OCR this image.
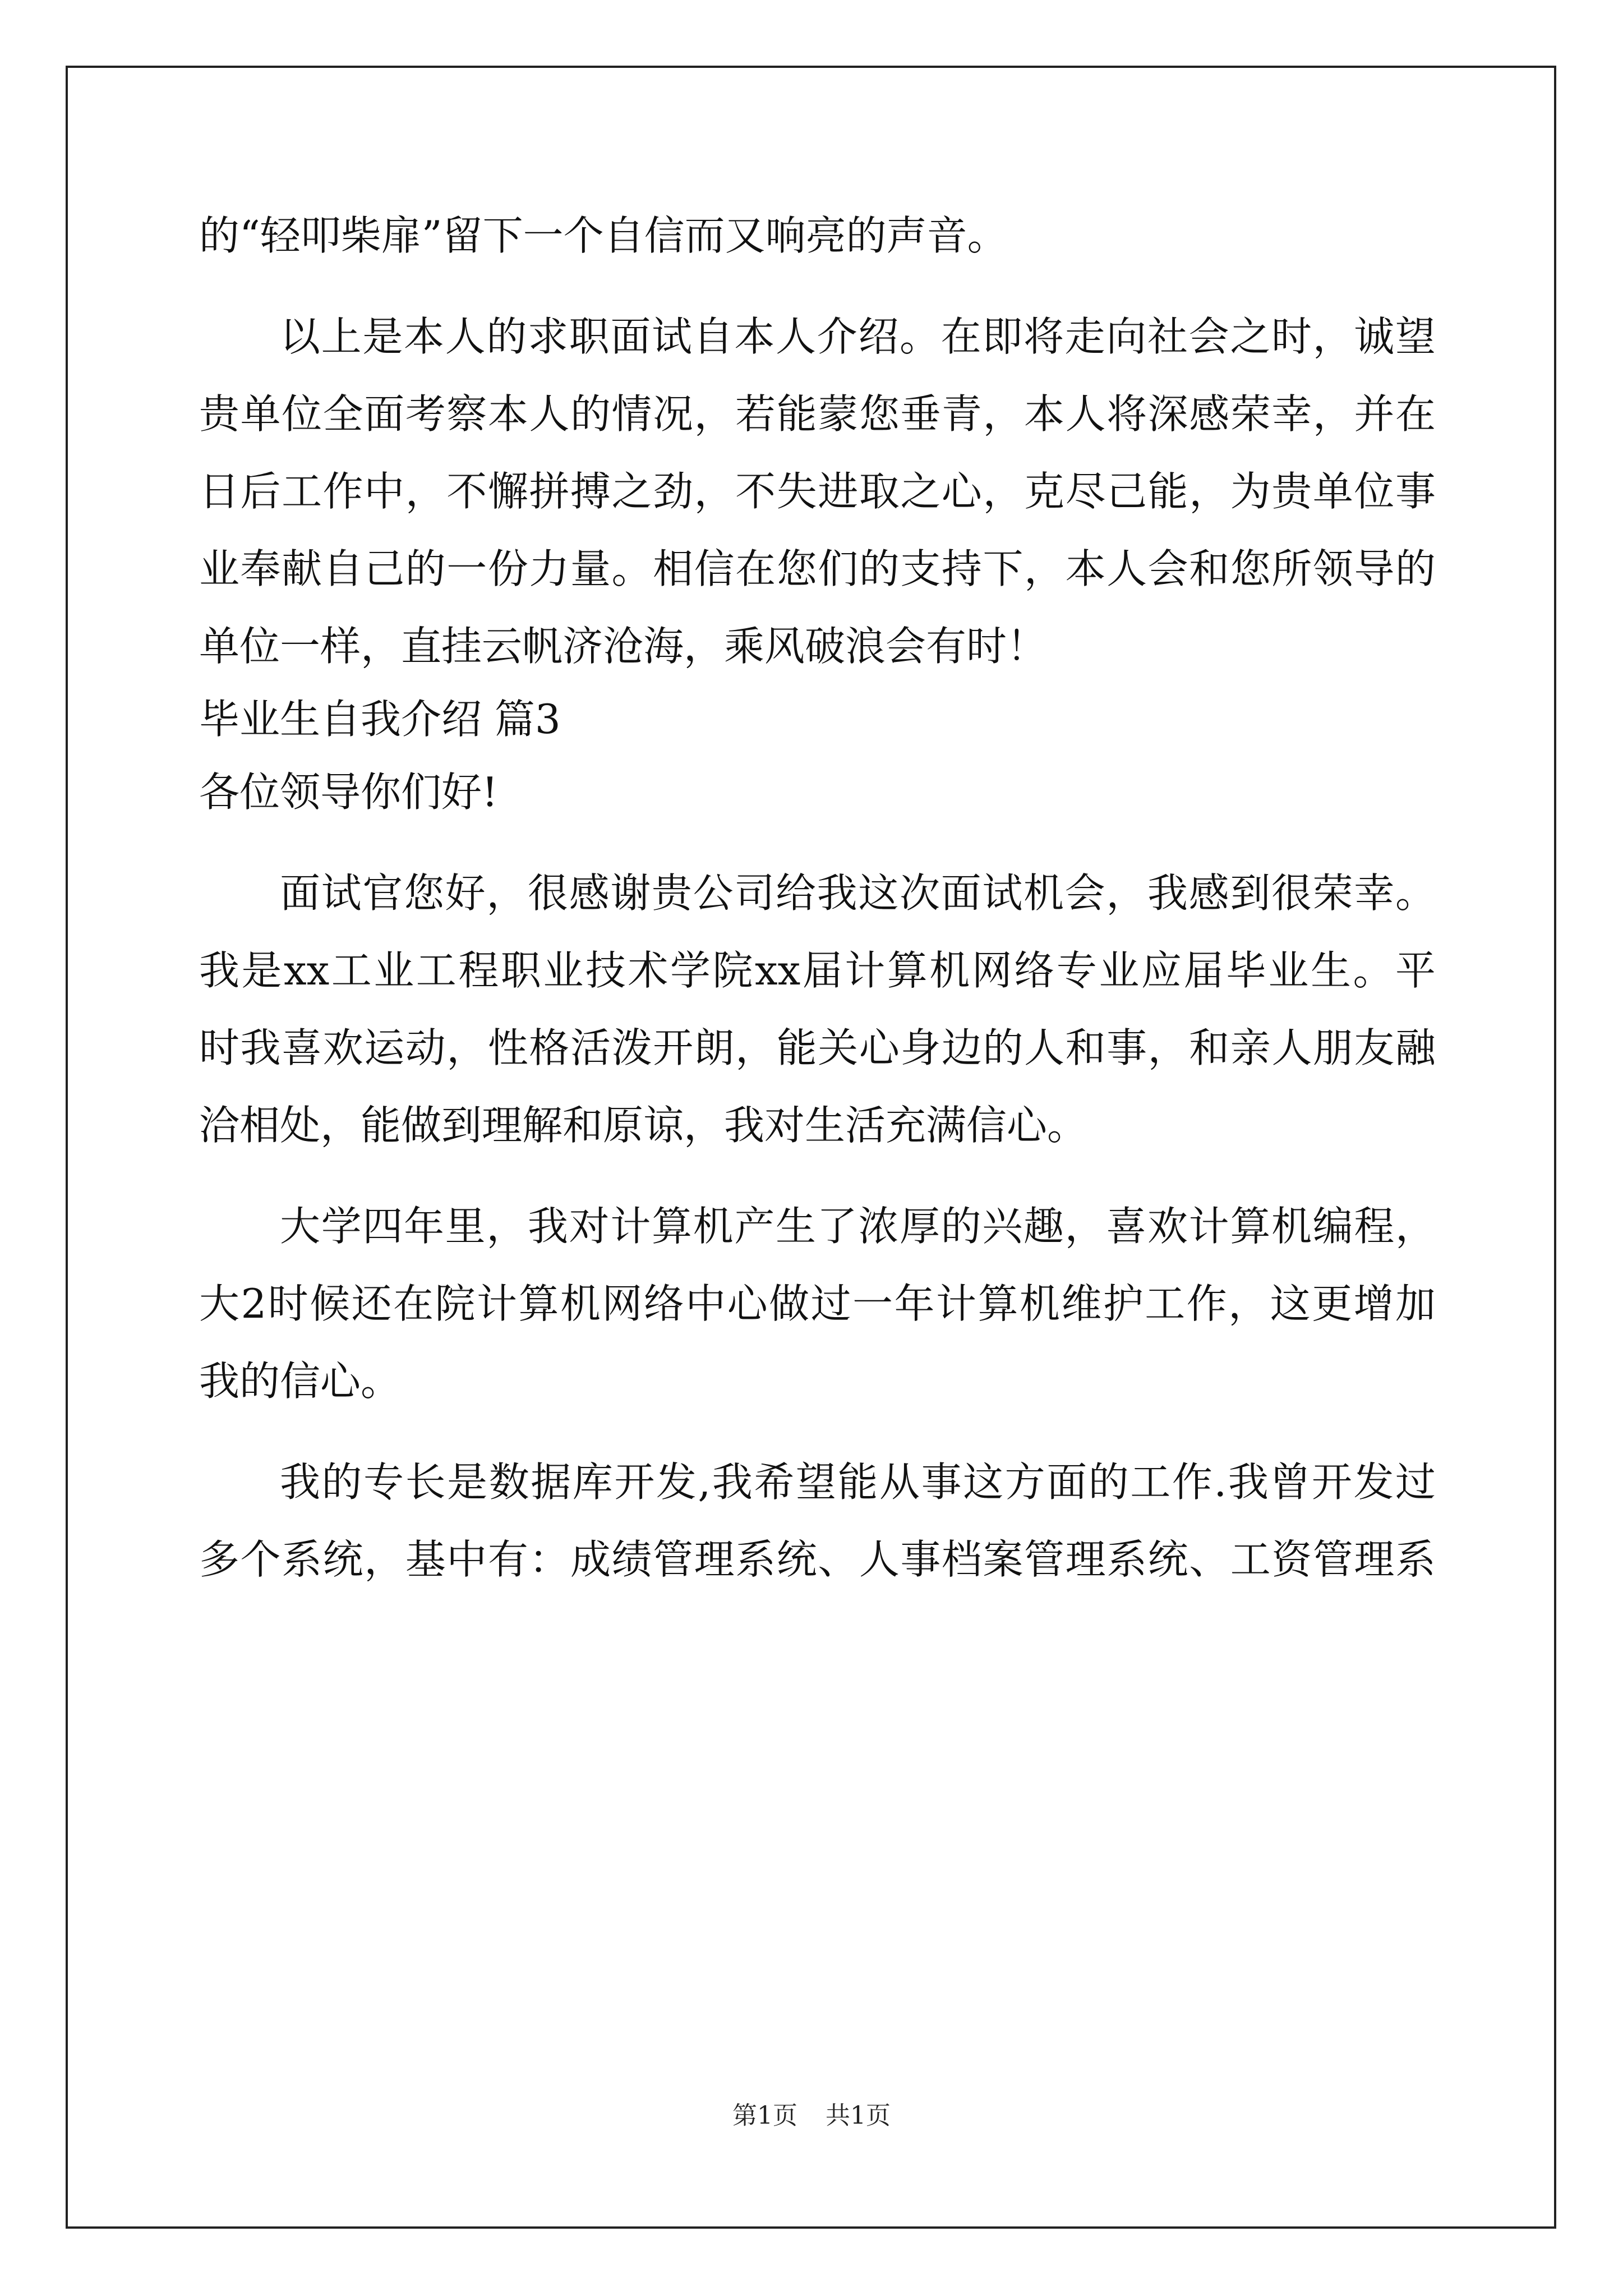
的“轻叩柴扉”留下一个自信而又响亮的声音。

以上是本人的求职面试自本人介绍。在即将走向社会之时，诚望

贵单位全面考察本人的情况，若能蒙您垂青，本人将深感荣幸，并在

日后工作中，不懈拼搏之劲，不失进取之心，克尽己能，为贵单位事

业奉献自己的一份力量。相信在您们的支持下，本人会和您所领导的

单位一样，直挂云帆济沧海，乘风破浪会有时！

毕业生自我介绍 篇3

各位领导你们好!

面试官您好，很感谢贵公司给我这次面试机会，我感到很荣幸。

我是xx工业工程职业技术学院xx届计算机网络专业应届毕业生。平

时我喜欢运动，性格活泼开朗，能关心身边的人和事，和亲人朋友融

洽相处，能做到理解和原谅，我对生活充满信心。

大学四年里，我对计算机产生了浓厚的兴趣，喜欢计算机编程，

大2时候还在院计算机网络中心做过一年计算机维护工作，这更增加

我的信心。

我的专长是数据库开发,我希望能从事这方面的工作.我曾开发过

多个系统，基中有：成绩管理系统、人事档案管理系统、工资管理系

第1页 共1页
